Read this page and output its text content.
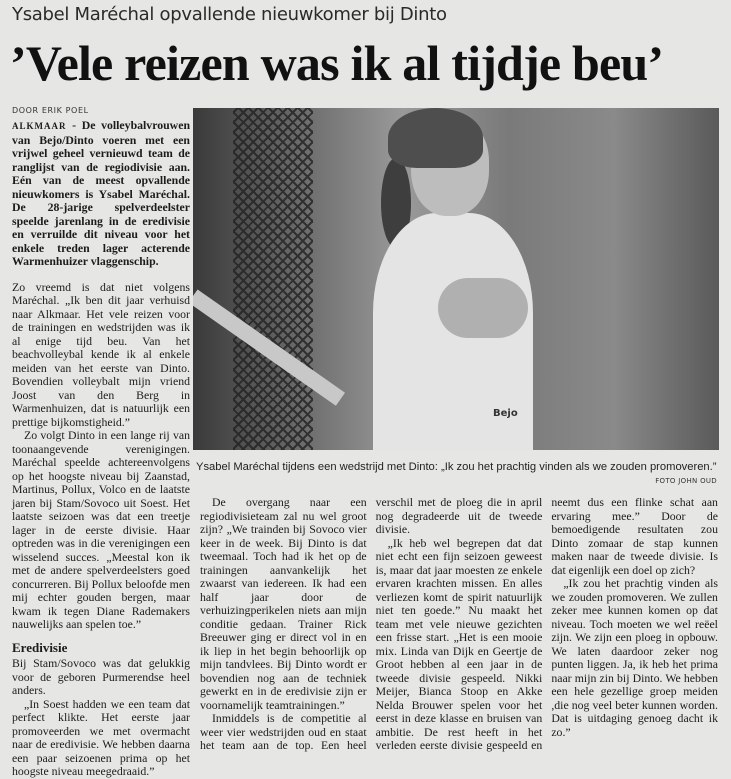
Ysabel Maréchal opvallende nieuwkomer bij Dinto
’Vele reizen was ik al tijdje beu’
DOOR ERIK POEL

ALKMAAR - De volleybalvrouwen van Bejo/Dinto voeren met een vrijwel geheel vernieuwd team de ranglijst van de regiodivisie aan. Eén van de meest opvallende nieuwkomers is Ysabel Maréchal. De 28-jarige spelverdeelster speelde jarenlang in de eredivisie en verruilde dit niveau voor het enkele treden lager acterende Warmenhuizer vlaggenschip.

Zo vreemd is dat niet volgens Maréchal. „Ik ben dit jaar verhuisd naar Alkmaar. Het vele reizen voor de trainingen en wedstrijden was ik al enige tijd beu. Van het beachvolleybal kende ik al enkele meiden van het eerste van Dinto. Bovendien volleybalt mijn vriend Joost van den Berg in Warmenhuizen, dat is natuurlijk een prettige bijkomstigheid.”

Zo volgt Dinto in een lange rij van toonaangevende verenigingen. Maréchal speelde achtereenvolgens op het hoogste niveau bij Zaanstad, Martinus, Pollux, Volco en de laatste jaren bij Stam/Sovoco uit Soest. Het laatste seizoen was dat een treetje lager in de eerste divisie. Haar optreden was in die verenigingen een wisselend succes. „Meestal kon ik met de andere spelverdeelsters goed concurreren. Bij Pollux beloofde men mij echter gouden bergen, maar kwam ik tegen Diane Rademakers nauwelijks aan spelen toe.”

Eredivisie

Bij Stam/Sovoco was dat gelukkig voor de geboren Purmerendse heel anders.

„In Soest hadden we een team dat perfect klikte. Het eerste jaar promoveerden we met overmacht naar de eredivisie. We hebben daarna een paar seizoenen prima op het hoogste niveau meegedraaid.”

Bejo
Ysabel Maréchal tijdens een wedstrijd met Dinto: „Ik zou het prachtig vinden als we zouden promoveren.”
FOTO JOHN OUD

De overgang naar een regiodivisieteam zal nu wel groot zijn? „We trainden bij Sovoco vier keer in de week. Bij Dinto is dat tweemaal. Toch had ik het op de trainingen aanvankelijk het zwaarst van iedereen. Ik had een half jaar door de verhuizingperikelen niets aan mijn conditie gedaan. Trainer Rick Breeuwer ging er direct vol in en ik liep in het begin behoorlijk op mijn tandvlees. Bij Dinto wordt er bovendien nog aan de techniek gewerkt en in de eredivisie zijn er voornamelijk teamtrainingen.”

Inmiddels is de competitie al weer vier wedstrijden oud en staat het team aan de top. Een heel verschil met de ploeg die in april nog degradeerde uit de tweede divisie.

„Ik heb wel begrepen dat dat niet echt een fijn seizoen geweest is, maar dat jaar moesten ze enkele ervaren krachten missen. En alles verliezen komt de spirit natuurlijk niet ten goede.” Nu maakt het team met vele nieuwe gezichten een frisse start. „Het is een mooie mix. Linda van Dijk en Geertje de Groot hebben al een jaar in de tweede divisie gespeeld. Nikki Meijer, Bianca Stoop en Akke Nelda Brouwer spelen voor het eerst in deze klasse en bruisen van ambitie. De rest heeft in het verleden eerste divisie gespeeld en neemt dus een flinke schat aan ervaring mee.” Door de bemoedigende resultaten zou Dinto zomaar de stap kunnen maken naar de tweede divisie. Is dat eigenlijk een doel op zich?

„Ik zou het prachtig vinden als we zouden promoveren. We zullen zeker mee kunnen komen op dat niveau. Toch moeten we wel reëel zijn. We zijn een ploeg in opbouw. We laten daardoor zeker nog punten liggen. Ja, ik heb het prima naar mijn zin bij Dinto. We hebben een hele gezellige groep meiden ,die nog veel beter kunnen worden. Dat is uitdaging genoeg dacht ik zo.”
